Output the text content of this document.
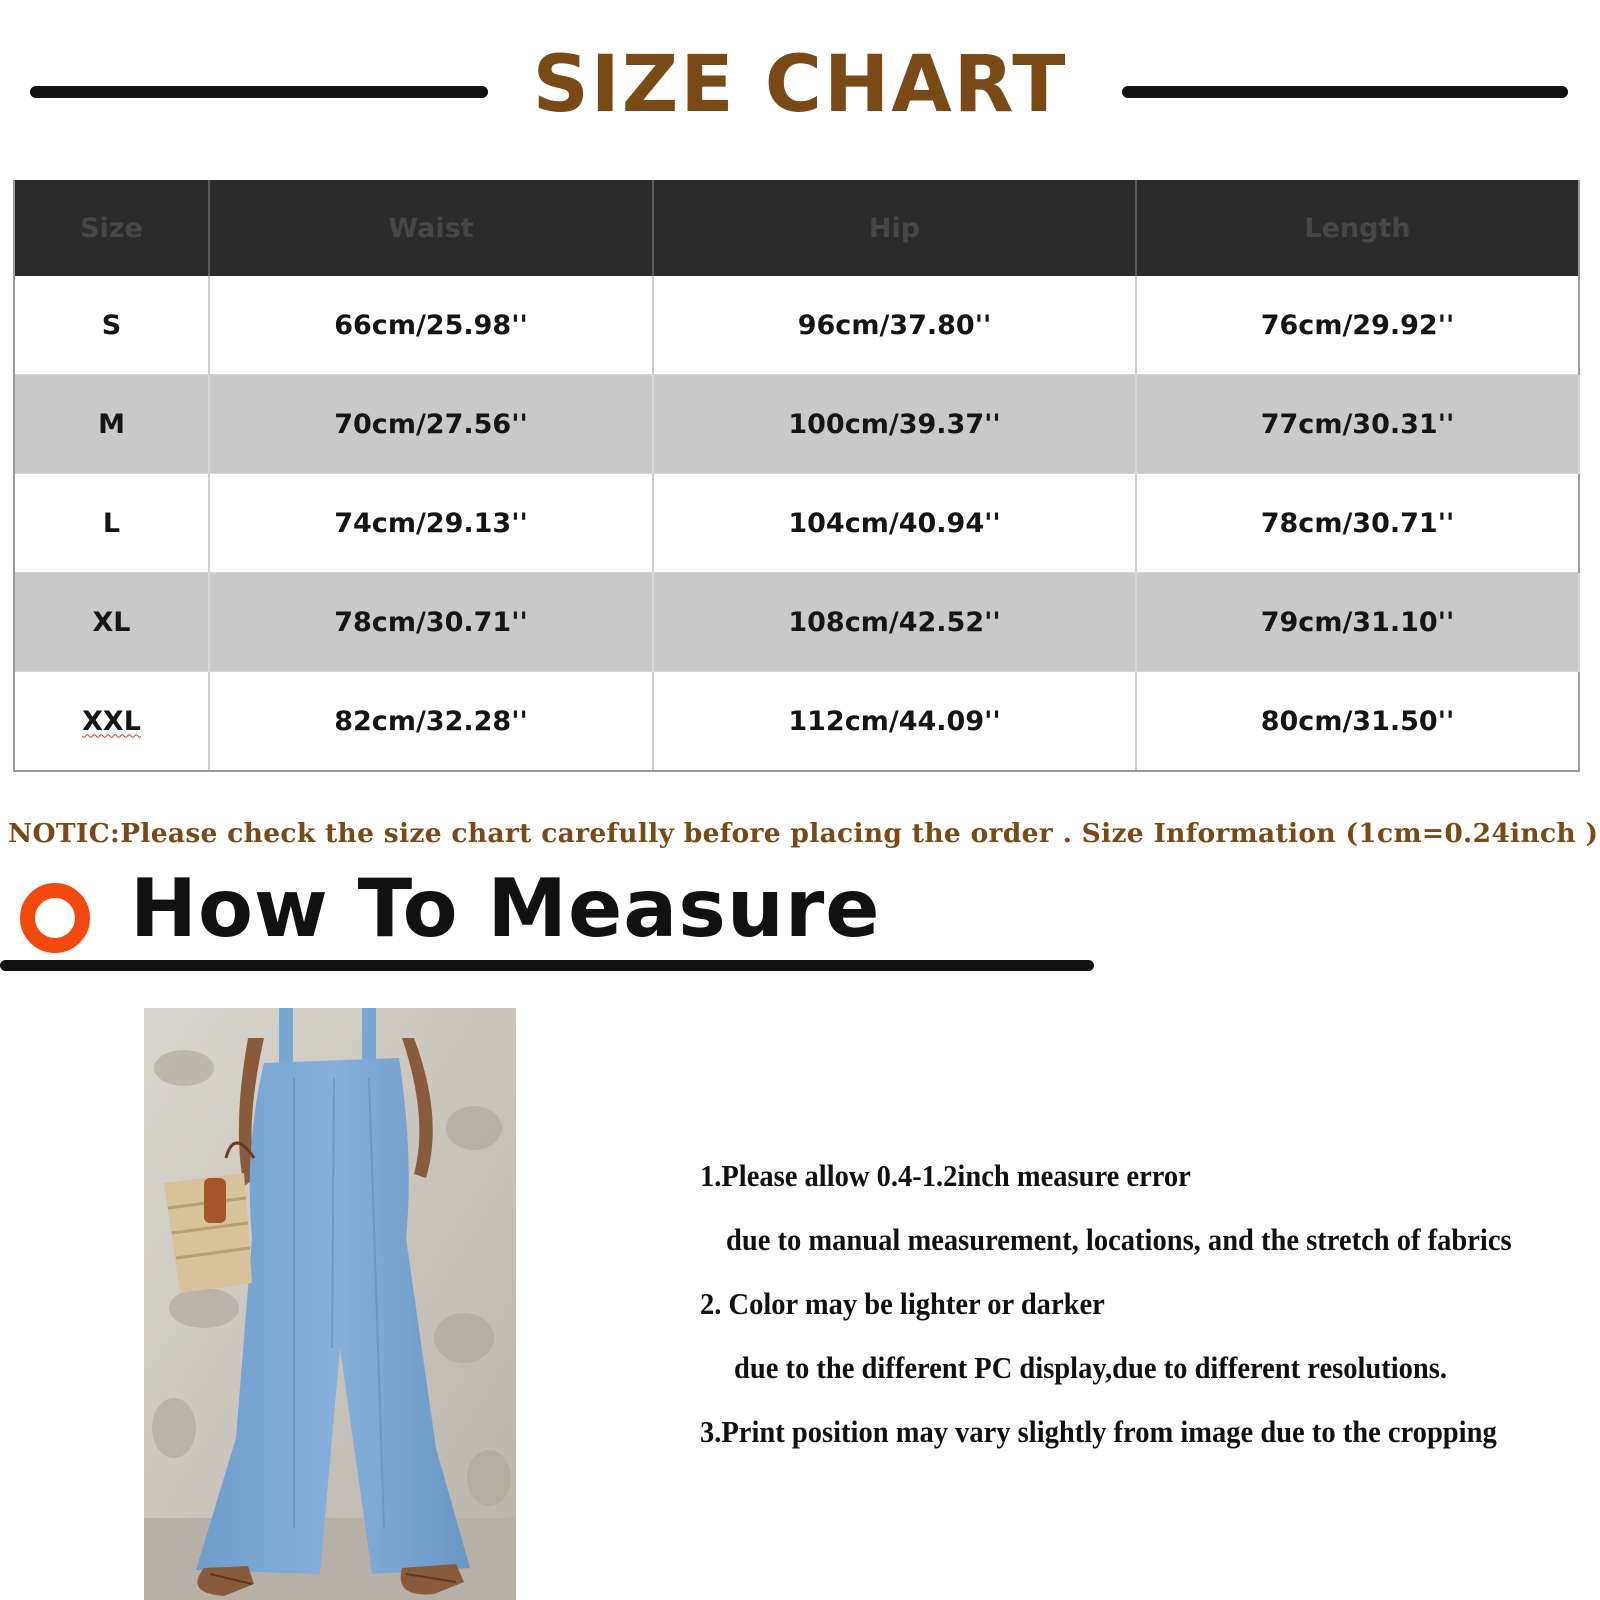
SIZE CHART
Size	Waist	Hip	Length
S	66cm/25.98''	96cm/37.80''	76cm/29.92''
M	70cm/27.56''	100cm/39.37''	77cm/30.31''
L	74cm/29.13''	104cm/40.94''	78cm/30.71''
XL	78cm/30.71''	108cm/42.52''	79cm/31.10''
XXL	82cm/32.28''	112cm/44.09''	80cm/31.50''
NOTIC:Please check the size chart carefully before placing the order . Size Information (1cm=0.24inch )
How To Measure
1.Please allow 0.4-1.2inch measure error
due to manual measurement, locations, and the stretch of fabrics
2. Color may be lighter or darker
due to the different PC display,due to different resolutions.
3.Print position may vary slightly from image due to the cropping
